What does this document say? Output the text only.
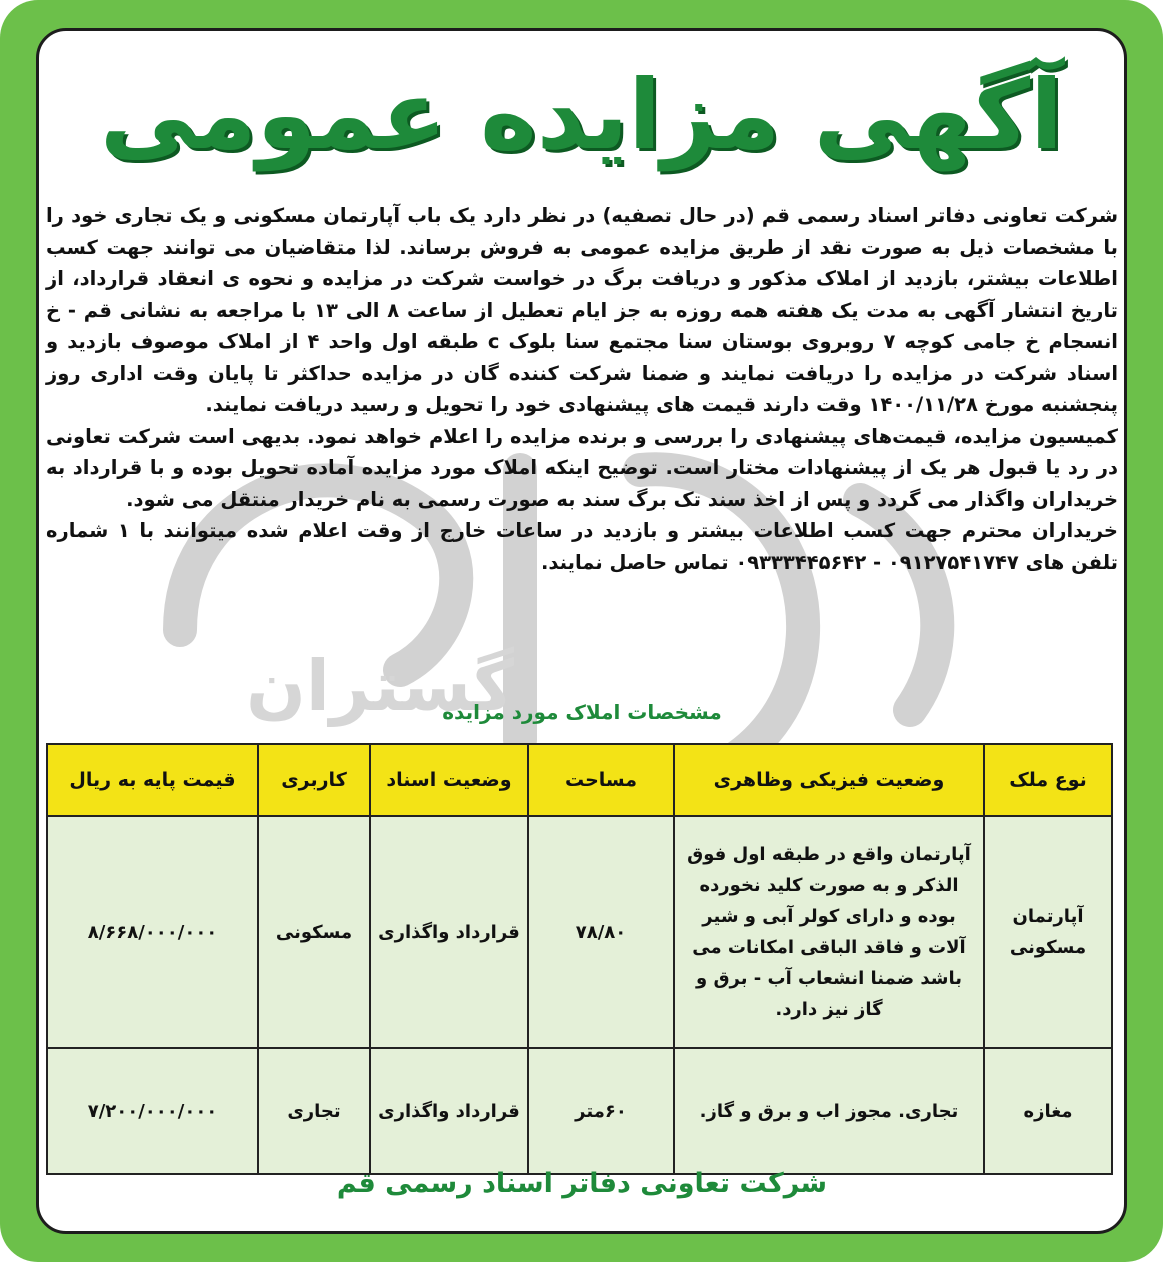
گستران
آگهی مزایده عمومی

شرکت تعاونی دفاتر اسناد رسمی قم (در حال تصفیه) در نظر دارد یک باب آپارتمان مسکونی و یک تجاری خود را با مشخصات ذیل به صورت نقد از طریق مزایده عمومی به فروش برساند. لذا متقاضیان می توانند جهت کسب اطلاعات بیشتر، بازدید از املاک مذکور و دریافت برگ در خواست شرکت در مزایده و نحوه ی انعقاد قرارداد، از تاریخ انتشار آگهی به مدت یک هفته همه روزه به جز ایام تعطیل از ساعت ۸ الی ۱۳ با مراجعه به نشانی قم - خ انسجام خ جامی کوچه ۷ روبروی بوستان سنا مجتمع سنا بلوک c طبقه اول واحد ۴ از املاک موصوف بازدید و اسناد شرکت در مزایده را دریافت نمایند و ضمنا شرکت کننده گان در مزایده حداکثر تا پایان وقت اداری روز پنجشنبه مورخ ۱۴۰۰/۱۱/۲۸ وقت دارند قیمت های پیشنهادی خود را تحویل و رسید دریافت نمایند.

کمیسیون مزایده، قیمت‌های پیشنهادی را بررسی و برنده مزایده را اعلام خواهد نمود. بدیهی است شرکت تعاونی در رد یا قبول هر یک از پیشنهادات مختار است. توضیح اینکه املاک مورد مزایده آماده تحویل بوده و با قرارداد به خریداران واگذار می گردد و پس از اخذ سند تک برگ سند به صورت رسمی به نام خریدار منتقل می شود.

خریداران محترم جهت کسب اطلاعات بیشتر و بازدید در ساعات خارج از وقت اعلام شده میتوانند با ۱ شماره تلفن های ۰۹۱۲۷۵۴۱۷۴۷ - ۰۹۳۳۳۴۴۵۶۴۲ تماس حاصل نمایند.

مشخصات املاک مورد مزایده
نوع ملک	وضعیت فیزیکی وظاهری	مساحت	وضعیت اسناد	کاربری	قیمت پایه به ریال
آپارتمان مسکونی	آپارتمان واقع در طبقه اول فوق الذکر و به صورت کلید نخورده بوده و دارای کولر آبی و شیر آلات و فاقد الباقی امکانات می باشد ضمنا انشعاب آب - برق و گاز نیز دارد.	۷۸/۸۰	قرارداد واگذاری	مسکونی	۸/۶۶۸/۰۰۰/۰۰۰
مغازه	تجاری. مجوز اب و برق و گاز.	۶۰متر	قرارداد واگذاری	تجاری	۷/۲۰۰/۰۰۰/۰۰۰
شرکت تعاونی دفاتر اسناد رسمی قم
